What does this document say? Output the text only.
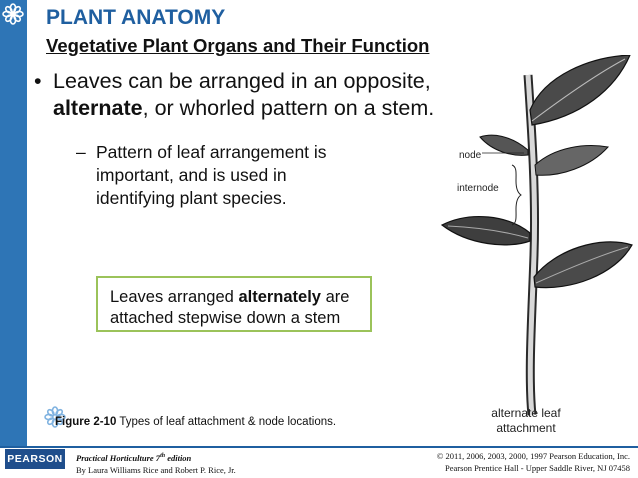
PLANT ANATOMY
Vegetative Plant Organs and Their Function
• Leaves can be arranged in an opposite, alternate, or whorled pattern on a stem.
– Pattern of leaf arrangement is important, and is used in identifying plant species.
Leaves arranged alternately are attached stepwise down a stem
node
internode
alternate leaf
attachment
Figure 2-10 Types of leaf attachment & node locations.
PEARSON Practical Horticulture 7th edition
By Laura Williams Rice and Robert P. Rice, Jr.
© 2011, 2006, 2003, 2000, 1997 Pearson Education, Inc.
Pearson Prentice Hall - Upper Saddle River, NJ 07458
